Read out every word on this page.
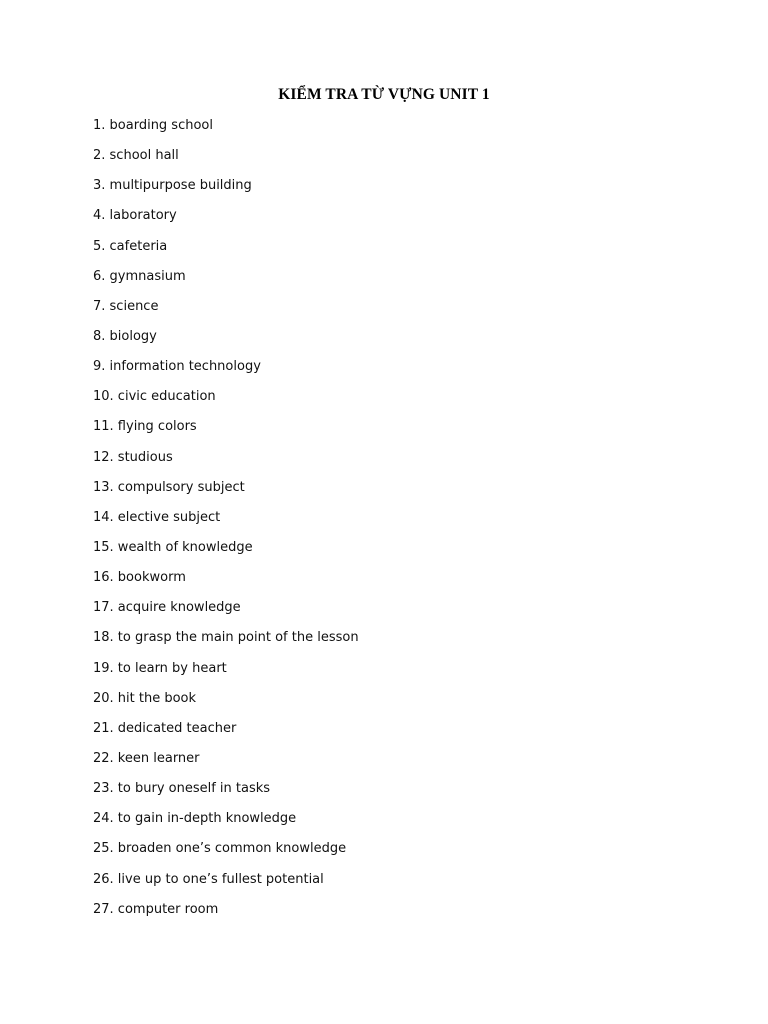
KIỂM TRA TỪ VỰNG UNIT 1
1. boarding school
2. school hall
3. multipurpose building
4. laboratory
5. cafeteria
6. gymnasium
7. science
8. biology
9. information technology
10. civic education
11. flying colors
12. studious
13. compulsory subject
14. elective subject
15. wealth of knowledge
16. bookworm
17. acquire knowledge
18. to grasp the main point of the lesson
19. to learn by heart
20. hit the book
21. dedicated teacher
22. keen learner
23. to bury oneself in tasks
24. to gain in-depth knowledge
25. broaden one’s common knowledge
26. live up to one’s fullest potential
27. computer room
